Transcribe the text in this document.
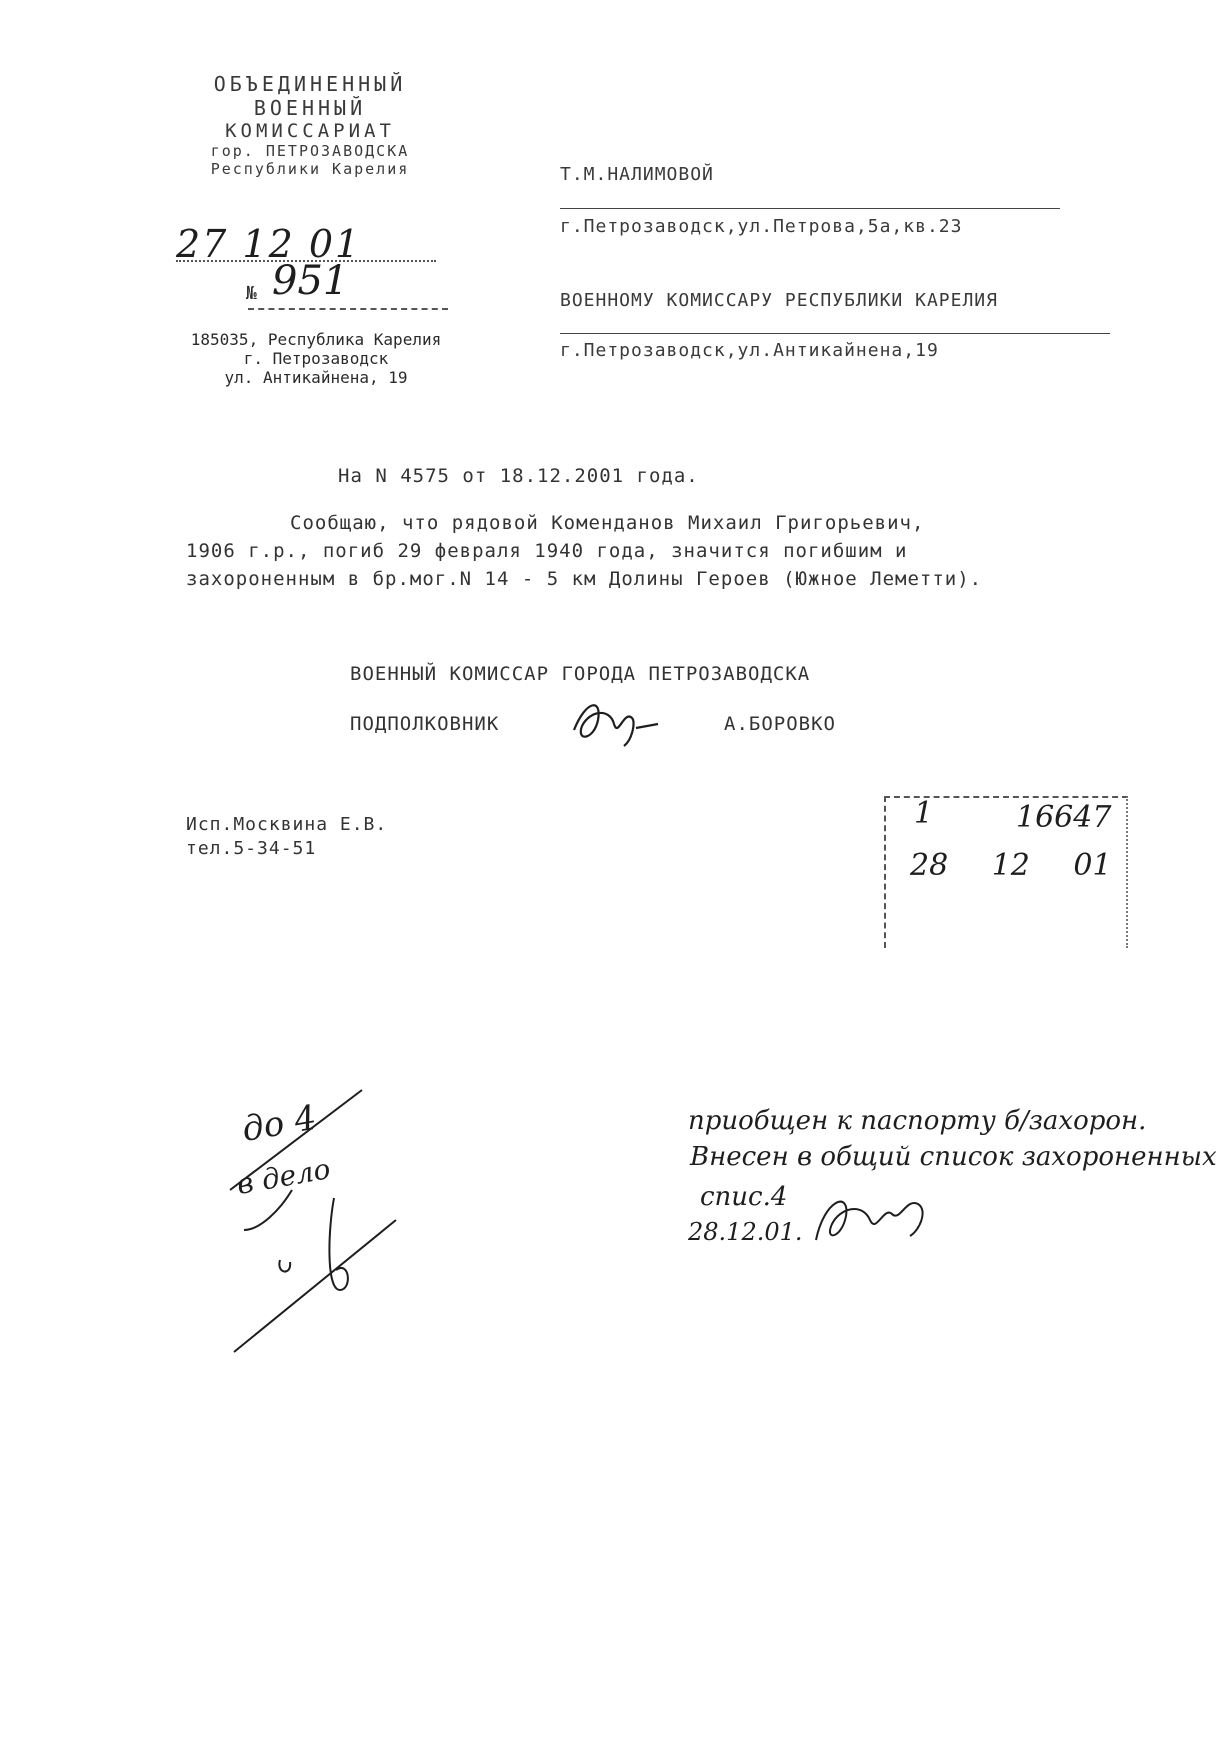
ОБЪЕДИНЕННЫЙ
ВОЕННЫЙ
КОМИССАРИАТ
гор. ПЕТРОЗАВОДСКА
Республики Карелия
27 12 01
№ 951
185035, Республика Карелия
г. Петрозаводск
ул. Антикайнена, 19
Т.М.НАЛИМОВОЙ
г.Петрозаводск,ул.Петрова,5а,кв.23
ВОЕННОМУ КОМИССАРУ РЕСПУБЛИКИ КАРЕЛИЯ
г.Петрозаводск,ул.Антикайнена,19
На N 4575 от 18.12.2001 года.
Сообщаю, что рядовой Коменданов Михаил Григорьевич,
1906 г.р., погиб 29 февраля 1940 года, значится погибшим и
захороненным в бр.мог.N 14 - 5 км Долины Героев (Южное Леметти).
ВОЕННЫЙ КОМИССАР ГОРОДА ПЕТРОЗАВОДСКА
ПОДПОЛКОВНИК	А.БОРОВКО
Исп.Москвина Е.В.
тел.5-34-51
1	16647
28 12 01
до 4
в дело
приобщен к паспорту б/захорон.
Внесен в общий список захороненных
спис.4
28.12.01.
